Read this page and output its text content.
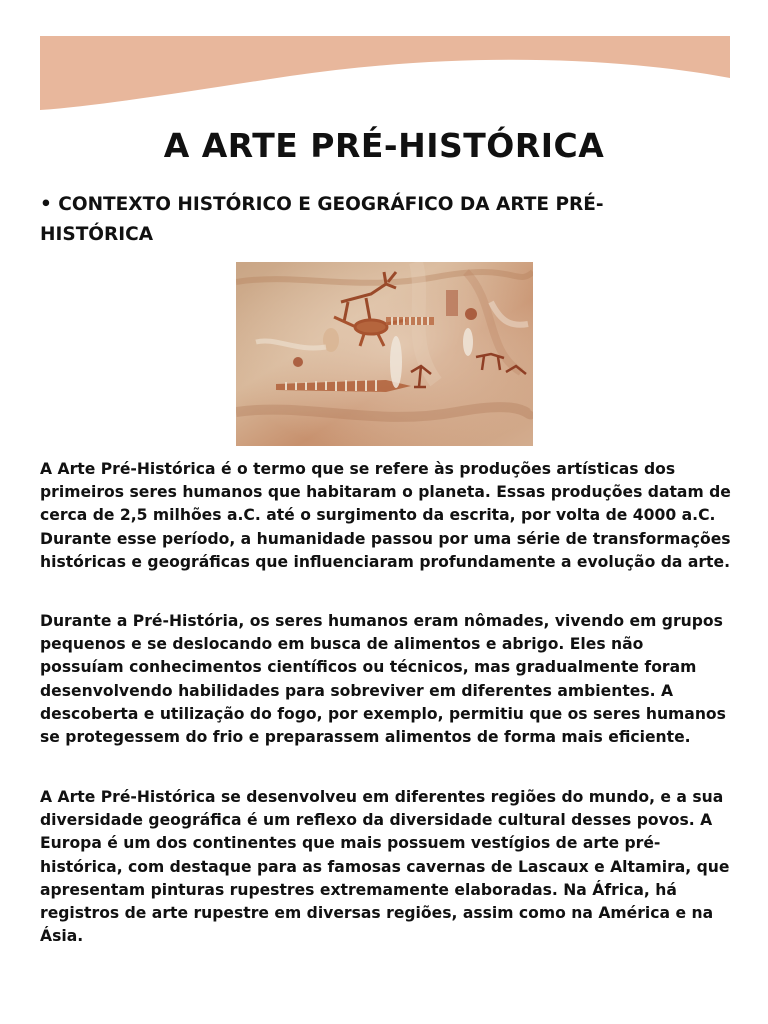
A ARTE PRÉ-HISTÓRICA
• CONTEXTO HISTÓRICO E GEOGRÁFICO DA ARTE PRÉ-
HISTÓRICA

A Arte Pré-Histórica é o termo que se refere às produções artísticas dos primeiros seres humanos que habitaram o planeta. Essas produções datam de cerca de 2,5 milhões a.C. até o surgimento da escrita, por volta de 4000 a.C. Durante esse período, a humanidade passou por uma série de transformações históricas e geográficas que influenciaram profundamente a evolução da arte.

Durante a Pré-História, os seres humanos eram nômades, vivendo em grupos pequenos e se deslocando em busca de alimentos e abrigo. Eles não possuíam conhecimentos científicos ou técnicos, mas gradualmente foram desenvolvendo habilidades para sobreviver em diferentes ambientes. A descoberta e utilização do fogo, por exemplo, permitiu que os seres humanos se protegessem do frio e preparassem alimentos de forma mais eficiente.

A Arte Pré-Histórica se desenvolveu em diferentes regiões do mundo, e a sua diversidade geográfica é um reflexo da diversidade cultural desses povos. A Europa é um dos continentes que mais possuem vestígios de arte pré- histórica, com destaque para as famosas cavernas de Lascaux e Altamira, que apresentam pinturas rupestres extremamente elaboradas. Na África, há registros de arte rupestre em diversas regiões, assim como na América e na Ásia.
